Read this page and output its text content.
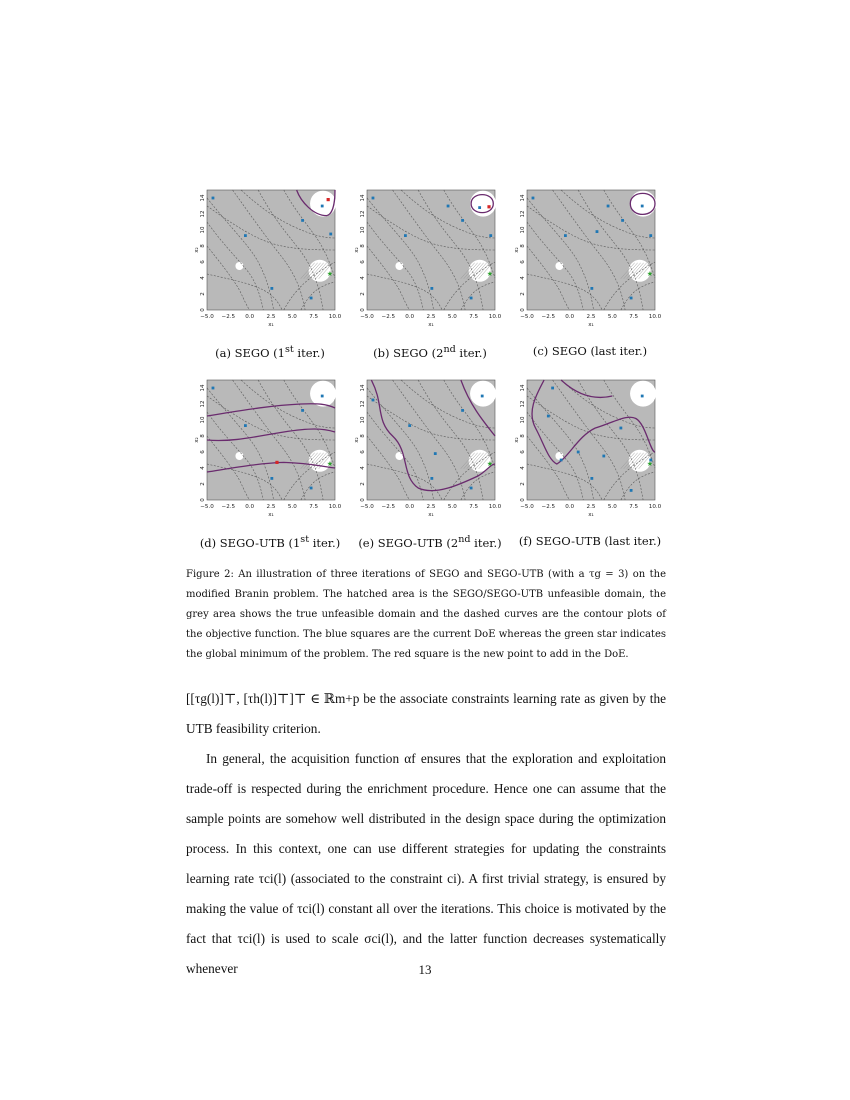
★
−5.0 −2.5 0.0 2.5 5.0 7.5 10.0
0
2
4
6
8
10
12
14
x₁
x₂
(a) SEGO (1st iter.)
★
−5.0 −2.5 0.0 2.5 5.0 7.5 10.0
0
2
4
6
8
10
12
14
x₁
x₂
(b) SEGO (2nd iter.)
★
−5.0 −2.5 0.0 2.5 5.0 7.5 10.0
0
2
4
6
8
10
12
14
x₁
x₂
(c) SEGO (last iter.)
★
−5.0 −2.5 0.0 2.5 5.0 7.5 10.0
0
2
4
6
8
10
12
14
x₁
x₂
(d) SEGO-UTB (1st iter.)
★
−5.0 −2.5 0.0 2.5 5.0 7.5 10.0
0
2
4
6
8
10
12
14
x₁
x₂
(e) SEGO-UTB (2nd iter.)
★
−5.0 −2.5 0.0 2.5 5.0 7.5 10.0
0
2
4
6
8
10
12
14
x₁
x₂
(f) SEGO-UTB (last iter.)
Figure 2: An illustration of three iterations of SEGO and SEGO-UTB (with a τg = 3) on the modified Branin problem. The hatched area is the SEGO/SEGO-UTB unfeasible domain, the grey area shows the true unfeasible domain and the dashed curves are the contour plots of the objective function. The blue squares are the current DoE whereas the green star indicates the global minimum of the problem. The red square is the new point to add in the DoE.

[[τg(l)]⊤, [τh(l)]⊤]⊤ ∈ ℝm+p be the associate constraints learning rate as given by the UTB feasibility criterion.

In general, the acquisition function αf ensures that the exploration and exploitation trade-off is respected during the enrichment procedure. Hence one can assume that the sample points are somehow well distributed in the design space during the optimization process. In this context, one can use different strategies for updating the constraints learning rate τci(l) (associated to the constraint ci). A first trivial strategy, is ensured by making the value of τci(l) constant all over the iterations. This choice is motivated by the fact that τci(l) is used to scale σci(l), and the latter function decreases systematically whenever	13
